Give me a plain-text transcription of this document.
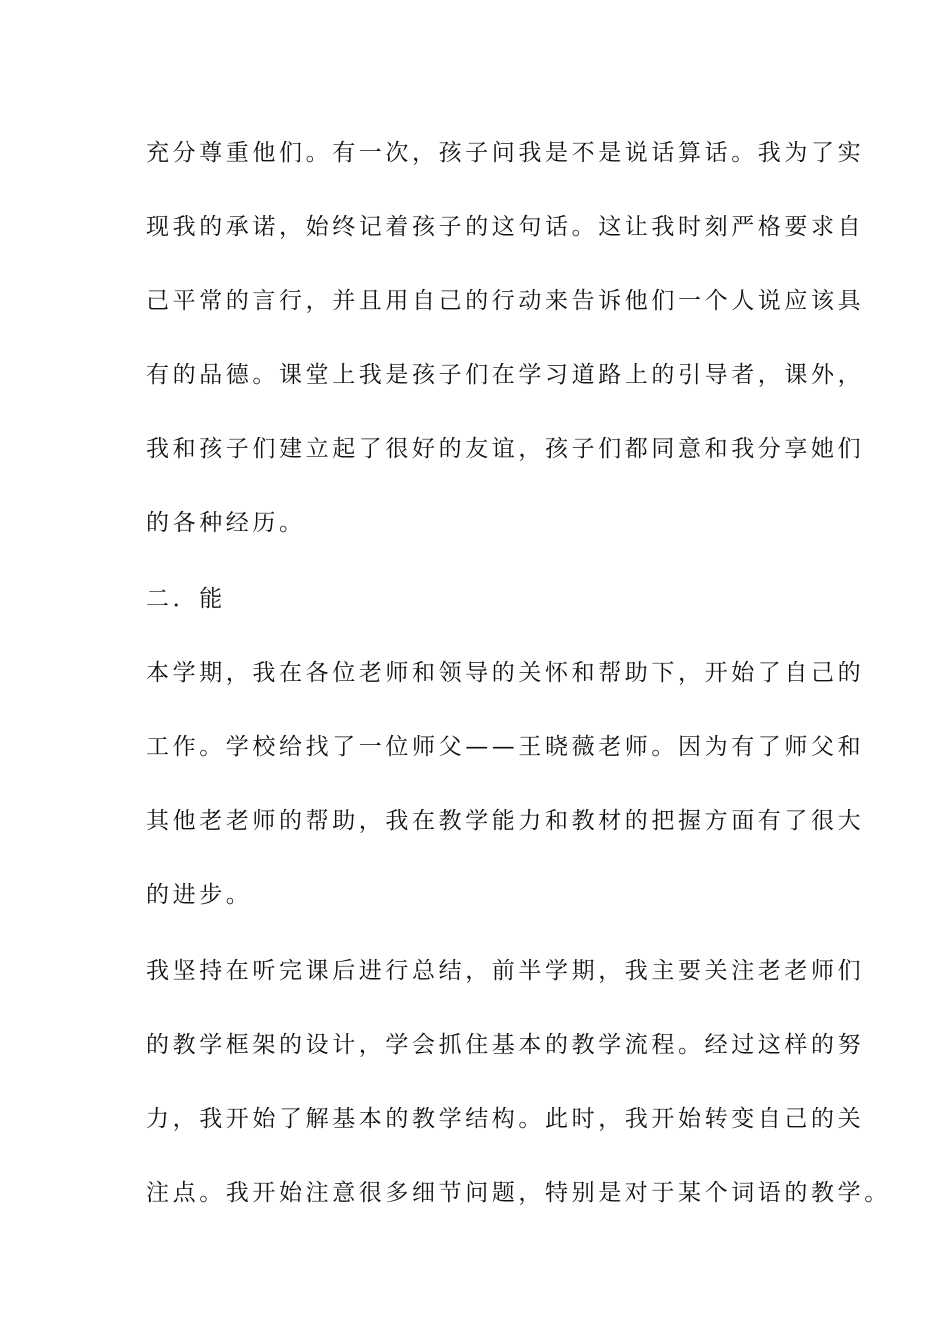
充分尊重他们。有一次，孩子问我是不是说话算话。我为了实

现我的承诺，始终记着孩子的这句话。这让我时刻严格要求自

己平常的言行，并且用自己的行动来告诉他们一个人说应该具

有的品德。课堂上我是孩子们在学习道路上的引导者，课外，

我和孩子们建立起了很好的友谊，孩子们都同意和我分享她们

的各种经历。

二．能

本学期，我在各位老师和领导的关怀和帮助下，开始了自己的

工作。学校给找了一位师父——王晓薇老师。因为有了师父和

其他老老师的帮助，我在教学能力和教材的把握方面有了很大

的进步。

我坚持在听完课后进行总结，前半学期，我主要关注老老师们

的教学框架的设计，学会抓住基本的教学流程。经过这样的努

力，我开始了解基本的教学结构。此时，我开始转变自己的关

注点。我开始注意很多细节问题，特别是对于某个词语的教学。
